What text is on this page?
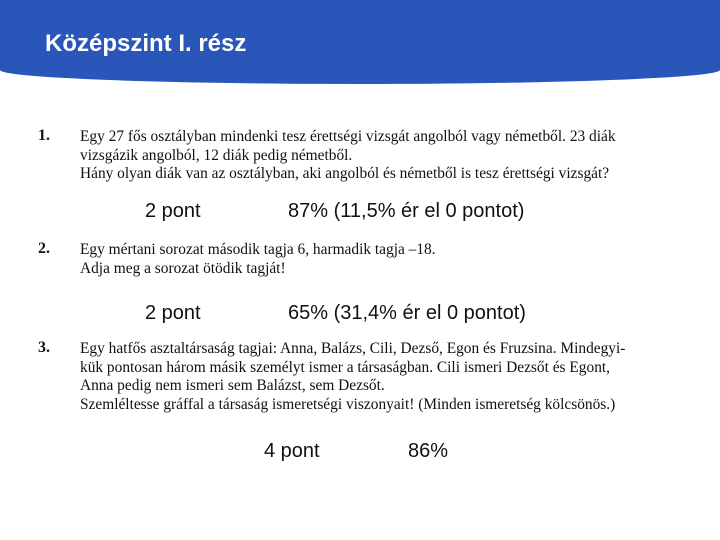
Középszint I. rész
1. Egy 27 fős osztályban mindenki tesz érettségi vizsgát angolból vagy németből. 23 diák
vizsgázik angolból, 12 diák pedig németből.
Hány olyan diák van az osztályban, aki angolból és németből is tesz érettségi vizsgát?
2 pont	87% (11,5% ér el 0 pontot)
2. Egy mértani sorozat második tagja 6, harmadik tagja –18.
Adja meg a sorozat ötödik tagját!
2 pont	65% (31,4% ér el 0 pontot)
3. Egy hatfős asztaltársaság tagjai: Anna, Balázs, Cili, Dezső, Egon és Fruzsina. Mindegyi-
kük pontosan három másik személyt ismer a társaságban. Cili ismeri Dezsőt és Egont,
Anna pedig nem ismeri sem Balázst, sem Dezsőt.
Szemléltesse gráffal a társaság ismeretségi viszonyait! (Minden ismeretség kölcsönös.)
4 pont	86%
